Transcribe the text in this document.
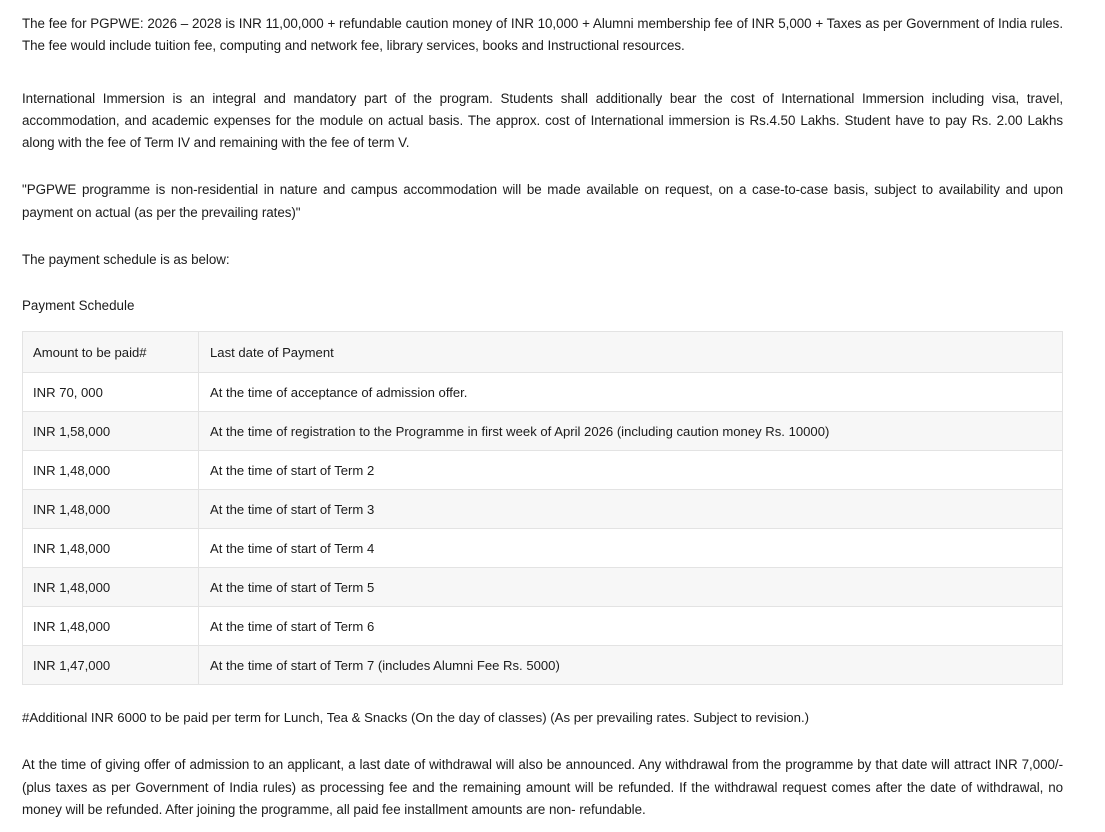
The fee for PGPWE: 2026 – 2028 is INR 11,00,000 + refundable caution money of INR 10,000 + Alumni membership fee of INR 5,000 + Taxes as per Government of India rules. The fee would include tuition fee, computing and network fee, library services, books and Instructional resources.

International Immersion is an integral and mandatory part of the program. Students shall additionally bear the cost of International Immersion including visa, travel, accommodation, and academic expenses for the module on actual basis. The approx. cost of International immersion is Rs.4.50 Lakhs. Student have to pay Rs. 2.00 Lakhs along with the fee of Term IV and remaining with the fee of term V.

"PGPWE programme is non-residential in nature and campus accommodation will be made available on request, on a case-to-case basis, subject to availability and upon payment on actual (as per the prevailing rates)"

The payment schedule is as below:

Payment Schedule

Amount to be paid#	Last date of Payment
INR 70, 000	At the time of acceptance of admission offer.
INR 1,58,000	At the time of registration to the Programme in first week of April 2026 (including caution money Rs. 10000)
INR 1,48,000	At the time of start of Term 2
INR 1,48,000	At the time of start of Term 3
INR 1,48,000	At the time of start of Term 4
INR 1,48,000	At the time of start of Term 5
INR 1,48,000	At the time of start of Term 6
INR 1,47,000	At the time of start of Term 7 (includes Alumni Fee Rs. 5000)

#Additional INR 6000 to be paid per term for Lunch, Tea & Snacks (On the day of classes) (As per prevailing rates. Subject to revision.)

At the time of giving offer of admission to an applicant, a last date of withdrawal will also be announced. Any withdrawal from the programme by that date will attract INR 7,000/- (plus taxes as per Government of India rules) as processing fee and the remaining amount will be refunded. If the withdrawal request comes after the date of withdrawal, no money will be refunded. After joining the programme, all paid fee installment amounts are non- refundable.
